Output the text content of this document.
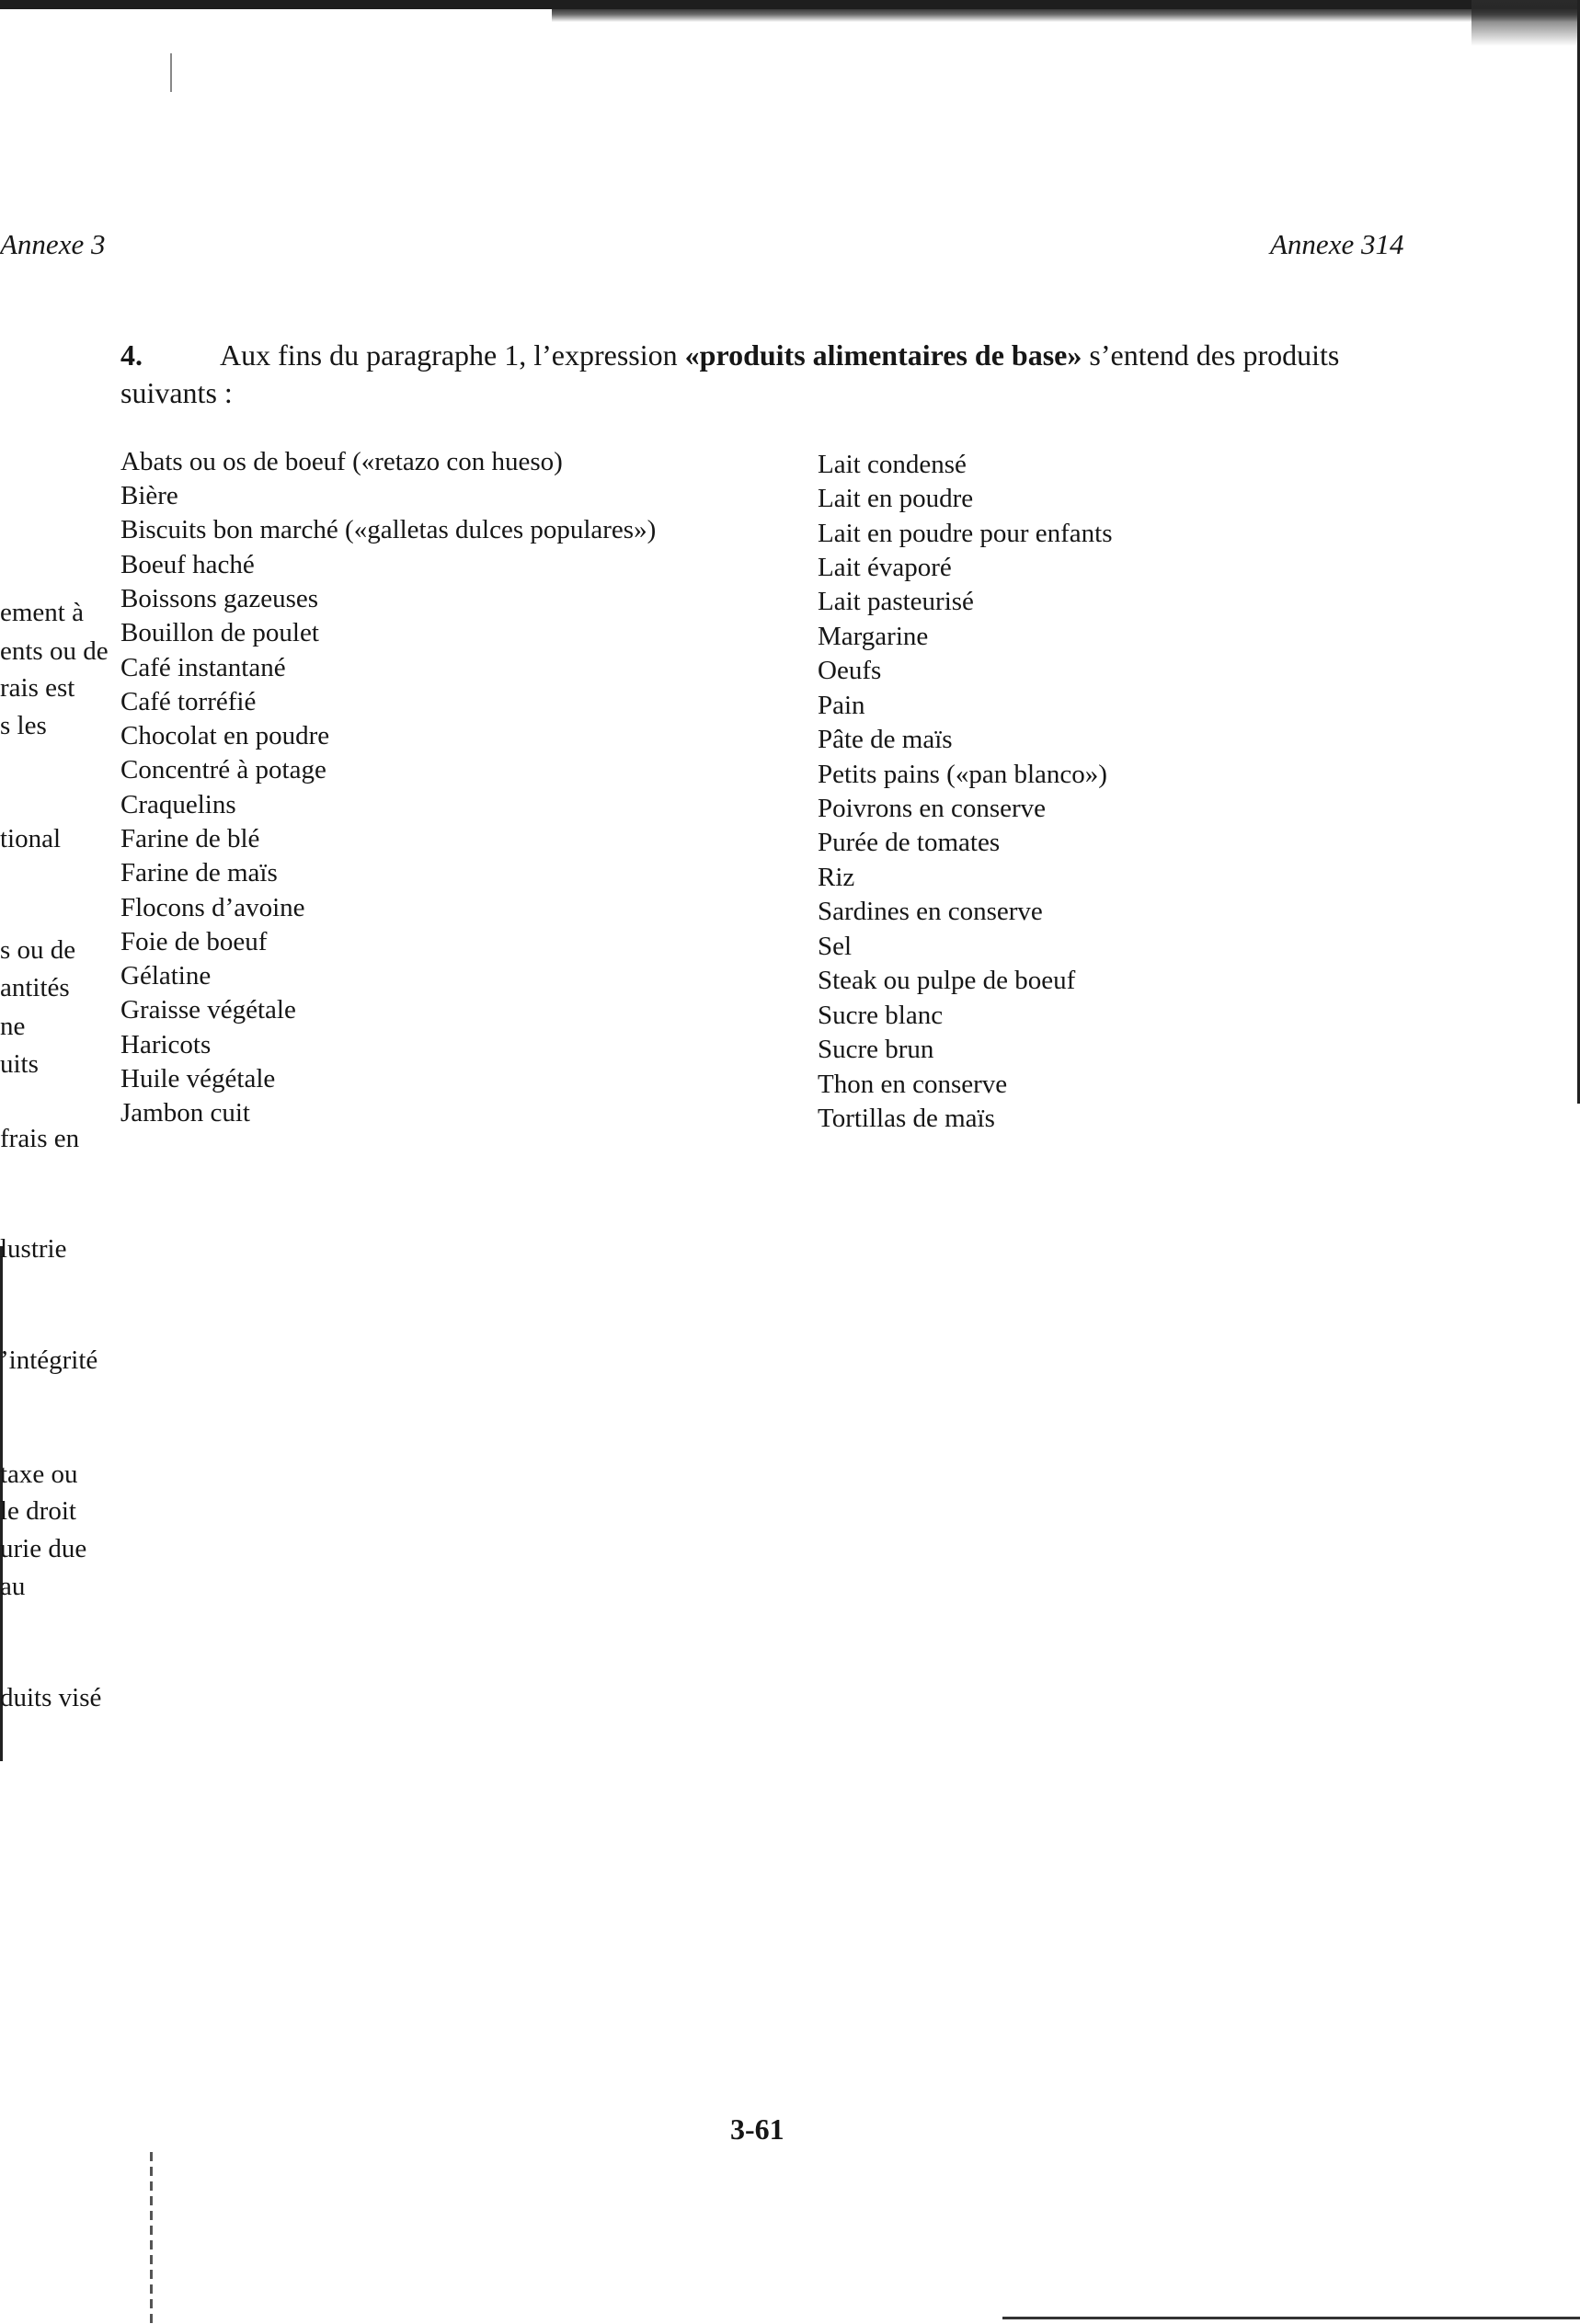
Annexe 3	Annexe 314
4.	Aux fins du paragraphe 1, l’expression «produits alimentaires de base» s’entend des produits suivants :
Abats ou os de boeuf («retazo con hueso)
Bière
Biscuits bon marché («galletas dulces populares»)
Boeuf haché
Boissons gazeuses
Bouillon de poulet
Café instantané
Café torréfié
Chocolat en poudre
Concentré à potage
Craquelins
Farine de blé
Farine de maïs
Flocons d’avoine
Foie de boeuf
Gélatine
Graisse végétale
Haricots
Huile végétale
Jambon cuit
Lait condensé
Lait en poudre
Lait en poudre pour enfants
Lait évaporé
Lait pasteurisé
Margarine
Oeufs
Pain
Pâte de maïs
Petits pains («pan blanco»)
Poivrons en conserve
Purée de tomates
Riz
Sardines en conserve
Sel
Steak ou pulpe de boeuf
Sucre blanc
Sucre brun
Thon en conserve
Tortillas de maïs
ement à
ents ou de
rais est
s les
tional
s ou de
antités
ne
uits
frais en
lustrie
’intégrité
taxe ou
le droit
urie due
au
duits visé
3-61
